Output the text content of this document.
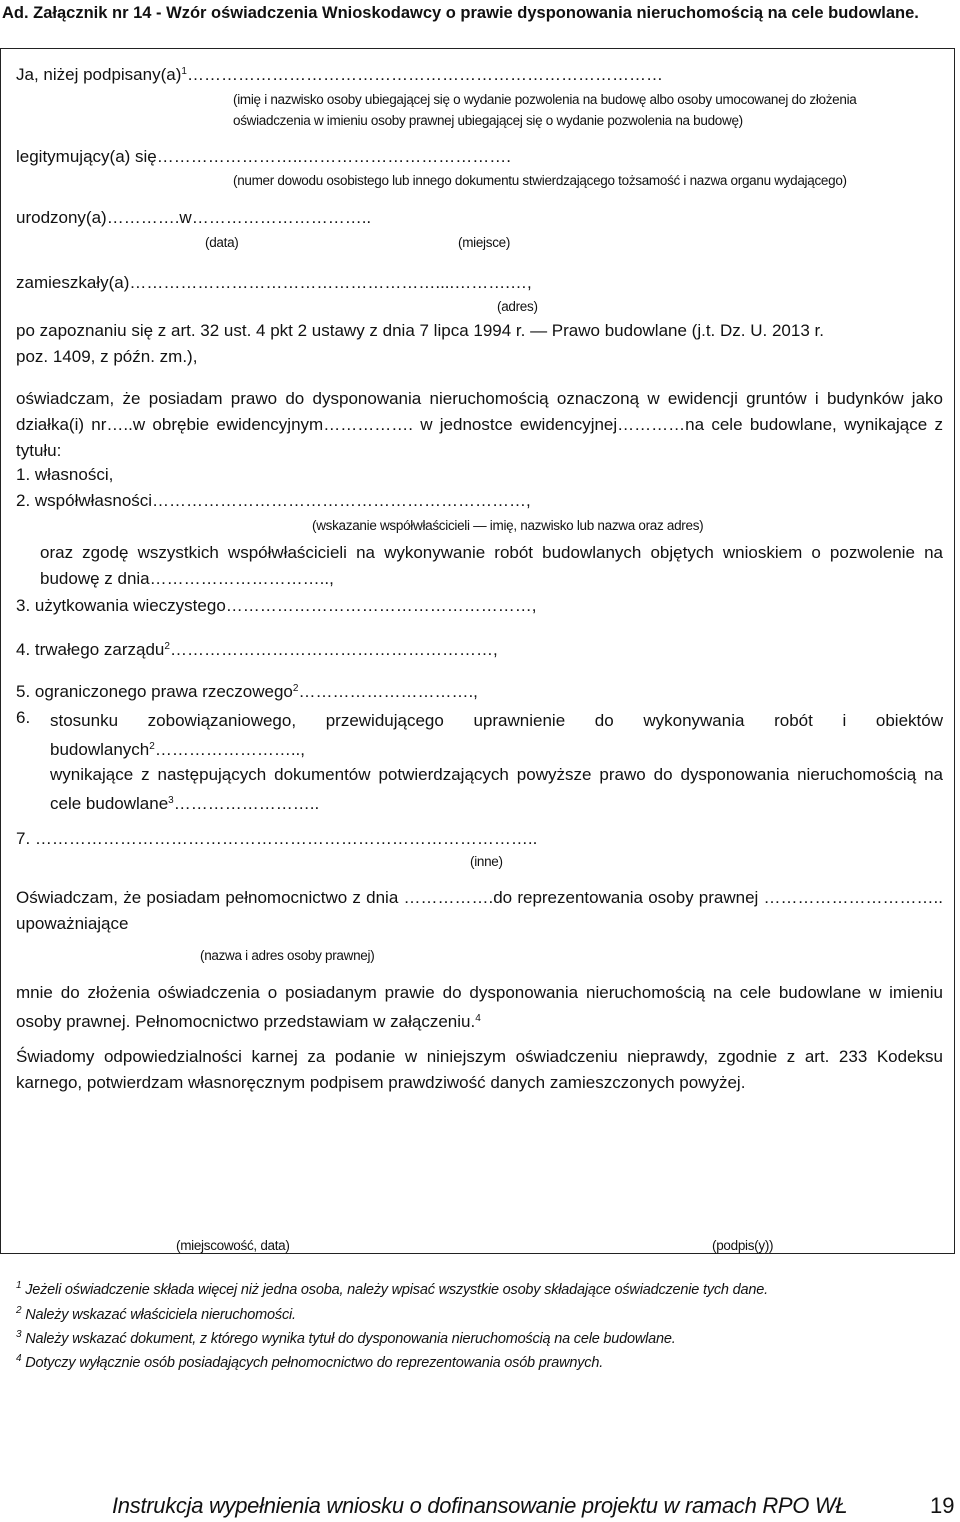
Ad. Załącznik nr 14 - Wzór oświadczenia Wnioskodawcy o prawie dysponowania nieruchomością na cele budowlane.
Ja, niżej $podpisany(a)^1\dots\dots\dots\dots\dots\dots\dots\dots\dots\dots\dots\dots\dots\dots\dots\dots\dots\dots\dots\dots\dots\dots\dots\dots\dots\dots\dots\dots$
(imię i nazwisko osoby ubiegającej się o wydanie pozwolenia na budowę albo osoby umocowanej do złożenia
oświadczenia w imieniu osoby prawnej ubiegającej się o wydanie pozwolenia na budowę)
legitymujący(a) się……………………..……………………………….
(numer dowodu osobistego lub innego dokumentu stwierdzającego tożsamość i nazwa organu wydającego)
urodzony(a)………….w…………………………..
(data)	(miejsce)
zamieszkały(a)………………………………………………....……….…,
(adres)
po zapoznaniu się z art. 32 ust. 4 pkt 2 ustawy z dnia 7 lipca 1994 r. — Prawo budowlane (j.t. Dz. U. 2013 r.
poz. 1409, z późn. zm.),
oświadczam, że posiadam prawo do dysponowania nieruchomością oznaczoną w ewidencji gruntów i budynków jako działka(i) nr…..w obrębie ewidencyjnym……………. w jednostce ewidencyjnej…………na cele budowlane, wynikające z tytułu:
1. własności,
2. współwłasności…………………………………………………………,
(wskazanie współwłaścicieli — imię, nazwisko lub nazwa oraz adres)
oraz zgodę wszystkich współwłaścicieli na wykonywanie robót budowlanych objętych wnioskiem o pozwolenie na budowę z dnia…………………………..,
3. użytkowania wieczystego………………………………………………,
4. trwałego zarządu$^2$…………………………………………………,
5. ograniczonego prawa rzeczowego$^2$………………………….,
6. stosunku zobowiązaniowego, przewidującego uprawnienie do wykonywania robót i obiektów budowlanych$^2$……………………..,
wynikające z następujących dokumentów potwierdzających powyższe prawo do dysponowania nieruchomością na cele budowlane$^3$……………………..
7. ……………………………………………………………………………..
(inne)
Oświadczam, że posiadam pełnomocnictwo z dnia …………….do reprezentowania osoby prawnej ………………………….. upoważniające
(nazwa i adres osoby prawnej)
mnie do złożenia oświadczenia o posiadanym prawie do dysponowania nieruchomością na cele budowlane w imieniu osoby prawnej. Pełnomocnictwo przedstawiam w załączeniu.$^4$
Świadomy odpowiedzialności karnej za podanie w niniejszym oświadczeniu nieprawdy, zgodnie z art. 233 Kodeksu karnego, potwierdzam własnoręcznym podpisem prawdziwość danych zamieszczonych powyżej.
(miejscowość, data)	(podpis(y))
$^1$ Jeżeli oświadczenie składa więcej niż jedna osoba, należy wpisać wszystkie osoby składające oświadczenie tych dane.
$^2$ Należy wskazać właściciela nieruchomości.
$^3$ Należy wskazać dokument, z którego wynika tytuł do dysponowania nieruchomością na cele budowlane.
$^4$ Dotyczy wyłącznie osób posiadających pełnomocnictwo do reprezentowania osób prawnych.
Instrukcja wypełnienia wniosku o dofinansowanie projektu w ramach RPO WŁ	19
